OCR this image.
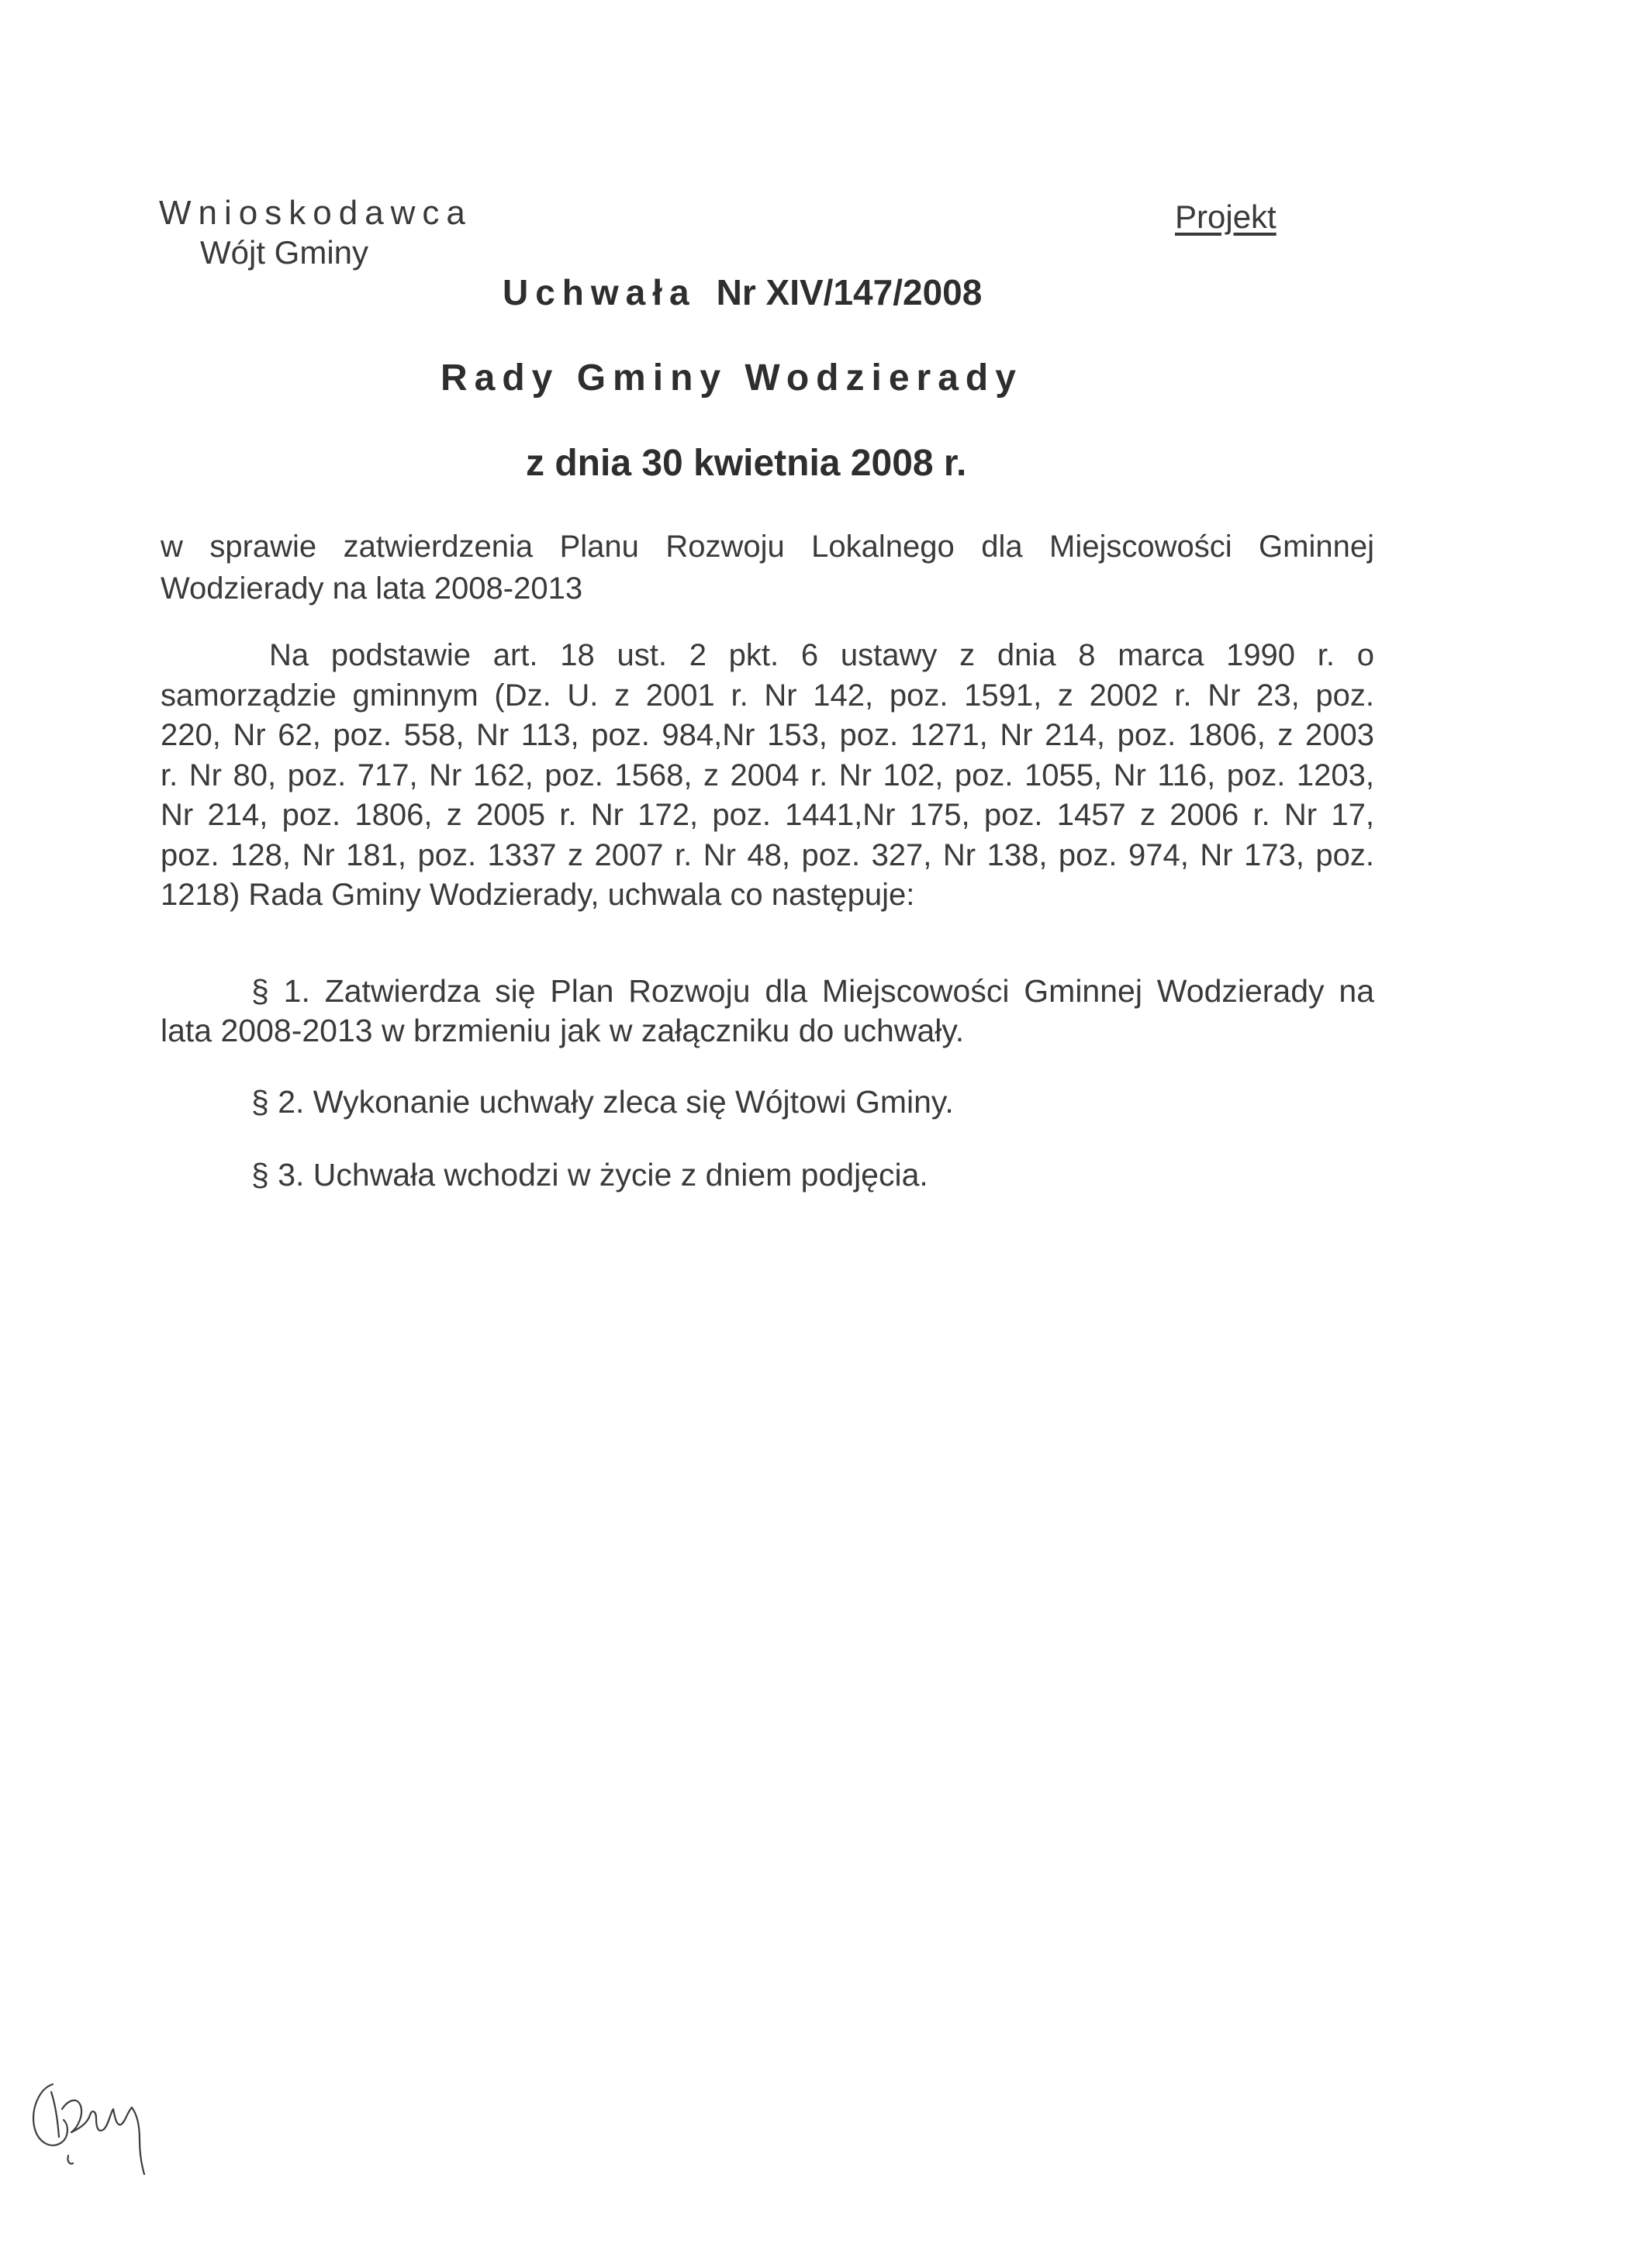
Wnioskodawca
Wójt Gminy
Projekt
Uchwała Nr XIV/147/2008
Rady Gminy Wodzierady
z dnia 30 kwietnia 2008 r.
w sprawie zatwierdzenia Planu Rozwoju Lokalnego dla Miejscowości Gminnej
Wodzierady na lata 2008-2013
Na podstawie art. 18 ust. 2 pkt. 6 ustawy z dnia 8 marca 1990 r. o
samorządzie gminnym (Dz. U. z 2001 r. Nr 142, poz. 1591, z 2002 r. Nr 23, poz.
220, Nr 62, poz. 558, Nr 113, poz. 984,Nr 153, poz. 1271, Nr 214, poz. 1806, z 2003
r. Nr 80, poz. 717, Nr 162, poz. 1568, z 2004 r. Nr 102, poz. 1055, Nr 116, poz. 1203,
Nr 214, poz. 1806, z 2005 r. Nr 172, poz. 1441,Nr 175, poz. 1457 z 2006 r. Nr 17,
poz. 128, Nr 181, poz. 1337 z 2007 r. Nr 48, poz. 327, Nr 138, poz. 974, Nr 173, poz.
1218) Rada Gminy Wodzierady, uchwala co następuje:
§ 1. Zatwierdza się Plan Rozwoju dla Miejscowości Gminnej Wodzierady na
lata 2008-2013 w brzmieniu jak w załączniku do uchwały.
§ 2. Wykonanie uchwały zleca się Wójtowi Gminy.
§ 3. Uchwała wchodzi w życie z dniem podjęcia.
